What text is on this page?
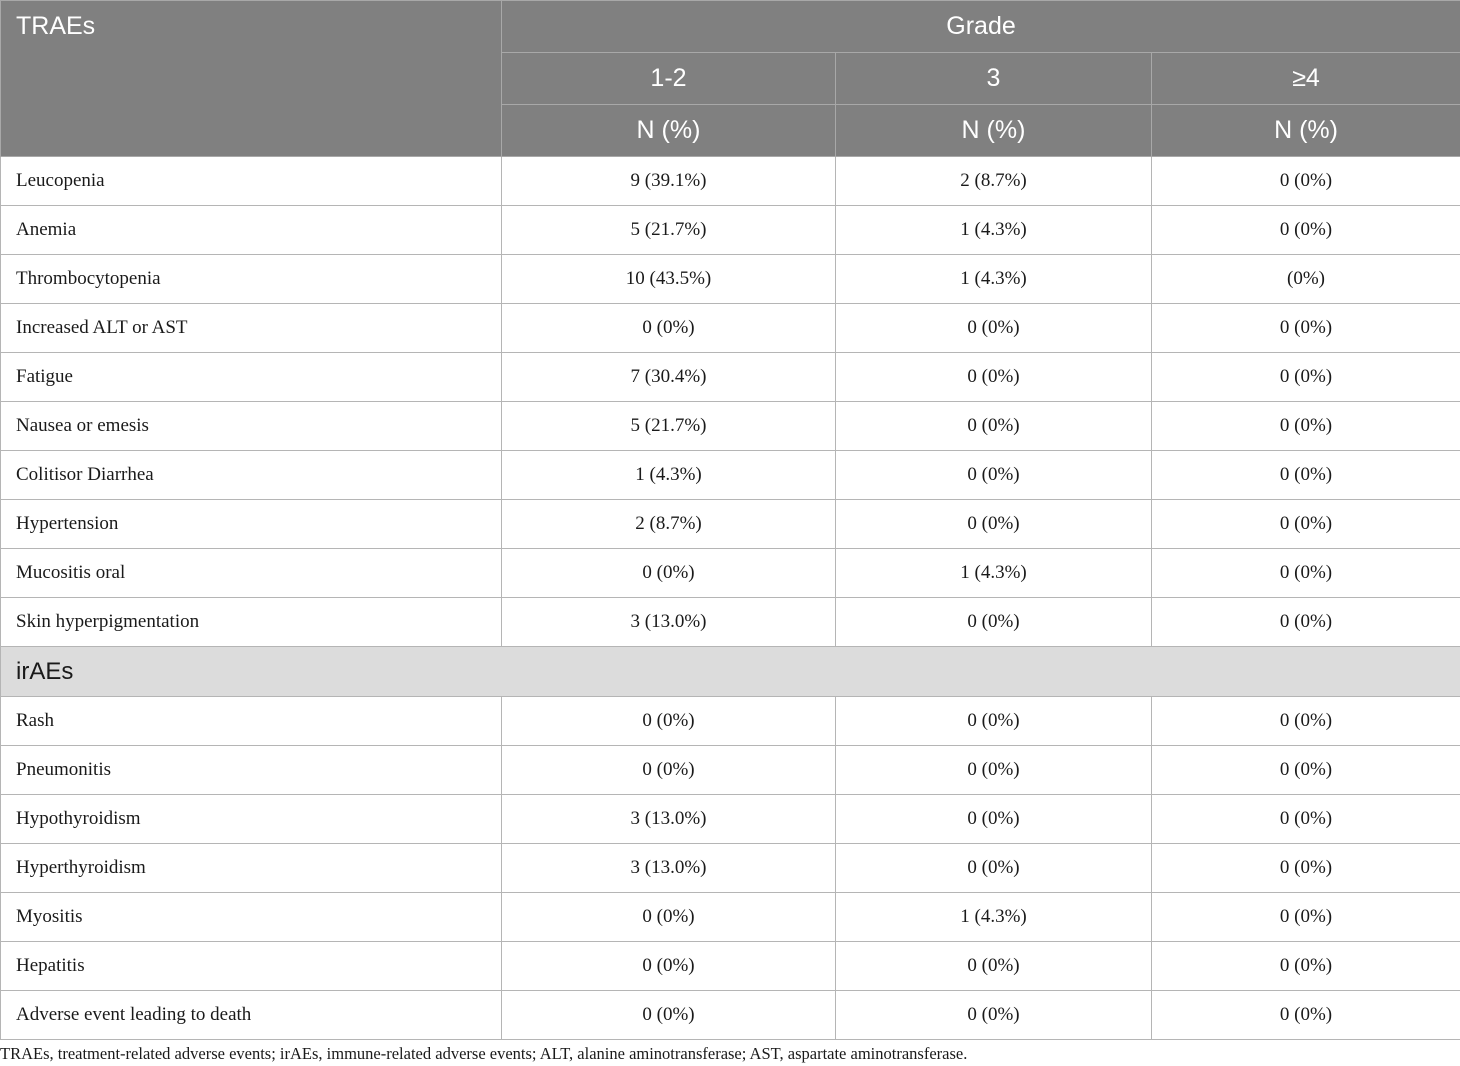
TRAEs	Grade		
	1-2	3	≥4
	N (%)	N (%)	N (%)
Leucopenia	9 (39.1%)	2 (8.7%)	0 (0%)
Anemia	5 (21.7%)	1 (4.3%)	0 (0%)
Thrombocytopenia	10 (43.5%)	1 (4.3%)	(0%)
Increased ALT or AST	0 (0%)	0 (0%)	0 (0%)
Fatigue	7 (30.4%)	0 (0%)	0 (0%)
Nausea or emesis	5 (21.7%)	0 (0%)	0 (0%)
Colitisor Diarrhea	1 (4.3%)	0 (0%)	0 (0%)
Hypertension	2 (8.7%)	0 (0%)	0 (0%)
Mucositis oral	0 (0%)	1 (4.3%)	0 (0%)
Skin hyperpigmentation	3 (13.0%)	0 (0%)	0 (0%)
irAEs			
Rash	0 (0%)	0 (0%)	0 (0%)
Pneumonitis	0 (0%)	0 (0%)	0 (0%)
Hypothyroidism	3 (13.0%)	0 (0%)	0 (0%)
Hyperthyroidism	3 (13.0%)	0 (0%)	0 (0%)
Myositis	0 (0%)	1 (4.3%)	0 (0%)
Hepatitis	0 (0%)	0 (0%)	0 (0%)
Adverse event leading to death	0 (0%)	0 (0%)	0 (0%)
TRAEs, treatment-related adverse events; irAEs, immune-related adverse events; ALT, alanine aminotransferase; AST, aspartate aminotransferase.
